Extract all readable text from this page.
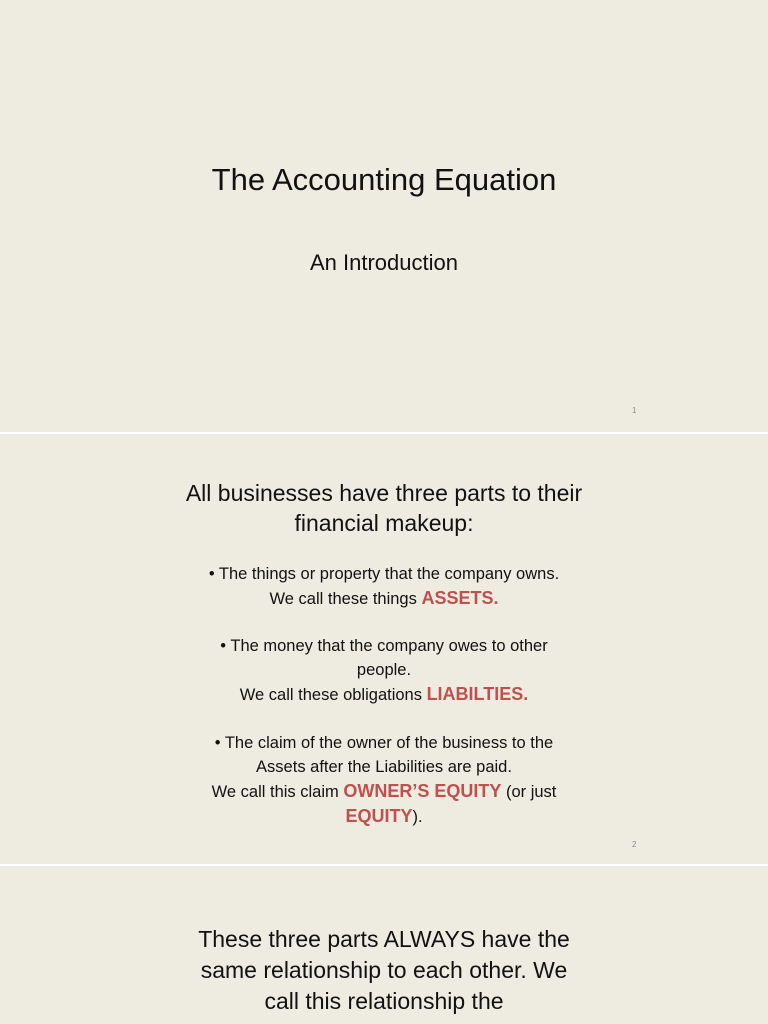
The Accounting Equation
An Introduction
1
All businesses have three parts to their
financial makeup:
• The things or property that the company owns.
We call these things ASSETS.
• The money that the company owes to other
people.
We call these obligations LIABILTIES.
• The claim of the owner of the business to the
Assets after the Liabilities are paid.
We call this claim OWNER’S EQUITY (or just
EQUITY).
2
These three parts ALWAYS have the
same relationship to each other. We
call this relationship the
